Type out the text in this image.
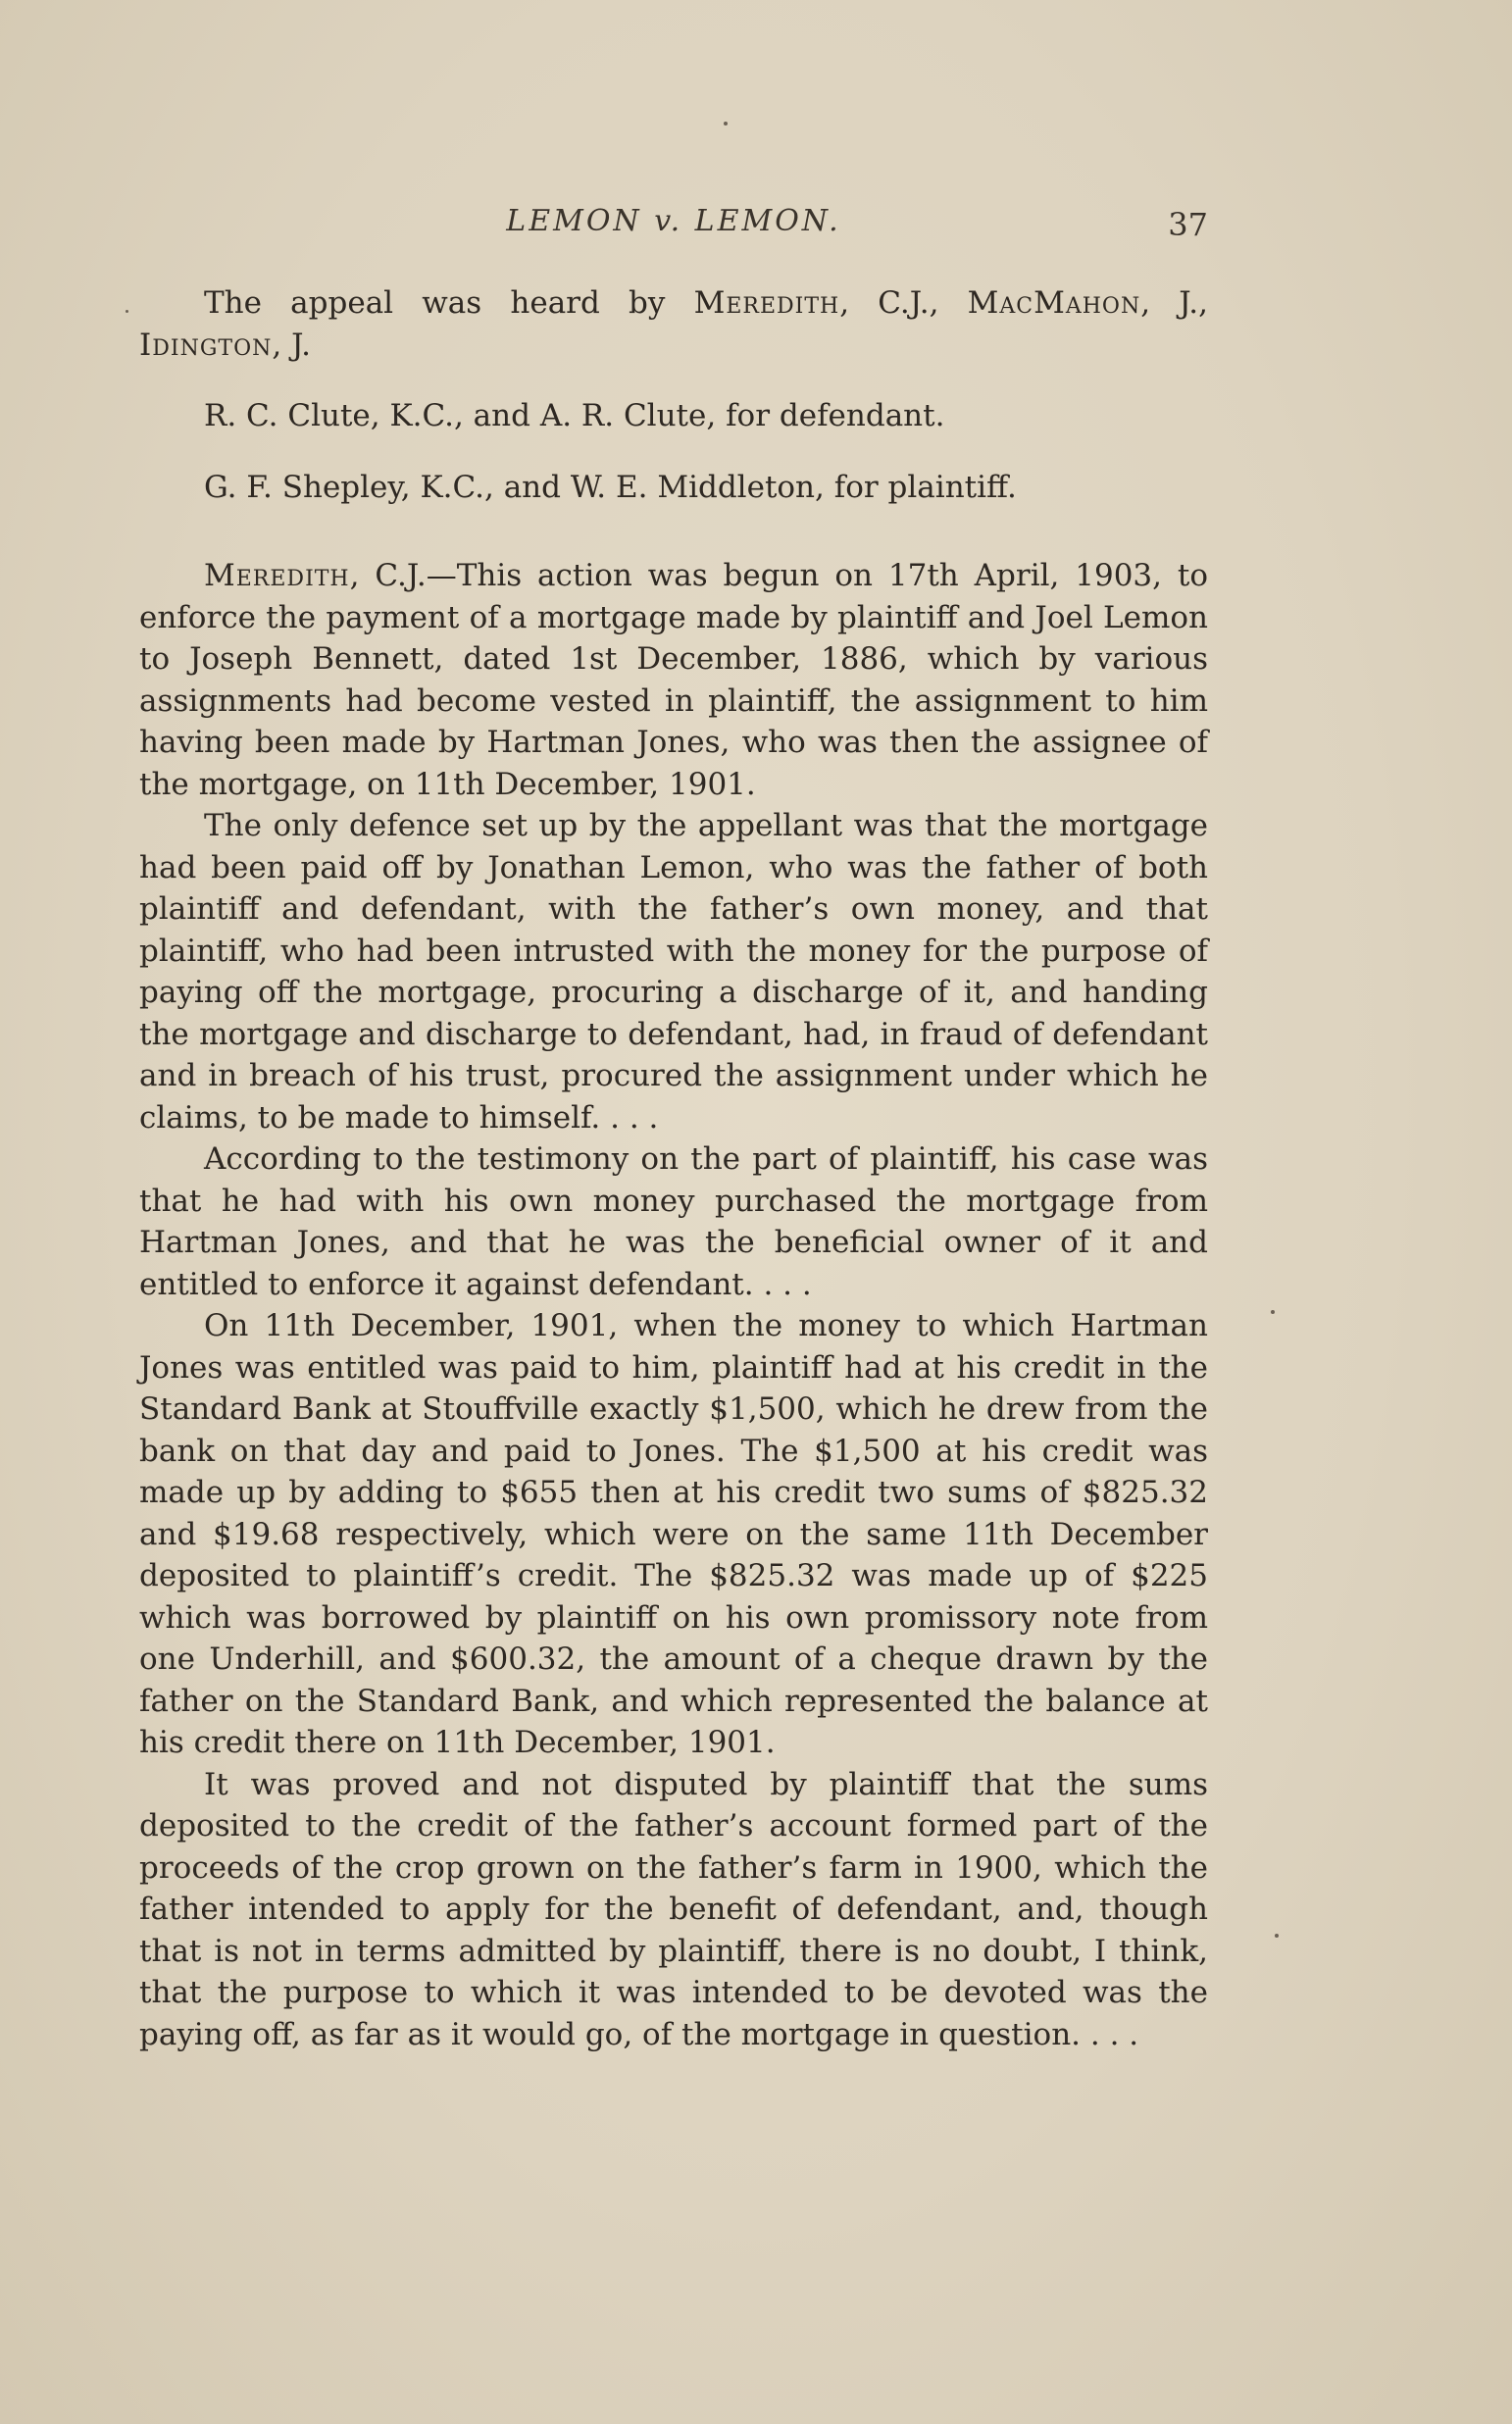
LEMON v. LEMON.	37

The appeal was heard by Meredith, C.J., MacMahon, J., Idington, J.

R. C. Clute, K.C., and A. R. Clute, for defendant.

G. F. Shepley, K.C., and W. E. Middleton, for plaintiff.

Meredith, C.J.—This action was begun on 17th April, 1903, to enforce the payment of a mortgage made by plaintiff and Joel Lemon to Joseph Bennett, dated 1st December, 1886, which by various assignments had become vested in plaintiff, the assignment to him having been made by Hartman Jones, who was then the assignee of the mortgage, on 11th December, 1901.

The only defence set up by the appellant was that the mortgage had been paid off by Jonathan Lemon, who was the father of both plaintiff and defendant, with the father’s own money, and that plaintiff, who had been intrusted with the money for the purpose of paying off the mortgage, procuring a discharge of it, and handing the mortgage and discharge to defendant, had, in fraud of defendant and in breach of his trust, procured the assignment under which he claims, to be made to himself. . . .

According to the testimony on the part of plaintiff, his case was that he had with his own money purchased the mortgage from Hartman Jones, and that he was the beneficial owner of it and entitled to enforce it against defendant. . . .

On 11th December, 1901, when the money to which Hartman Jones was entitled was paid to him, plaintiff had at his credit in the Standard Bank at Stouffville exactly $1,500, which he drew from the bank on that day and paid to Jones. The $1,500 at his credit was made up by adding to $655 then at his credit two sums of $825.32 and $19.68 respectively, which were on the same 11th December deposited to plaintiff’s credit. The $825.32 was made up of $225 which was borrowed by plaintiff on his own promissory note from one Underhill, and $600.32, the amount of a cheque drawn by the father on the Standard Bank, and which represented the balance at his credit there on 11th December, 1901.

It was proved and not disputed by plaintiff that the sums deposited to the credit of the father’s account formed part of the proceeds of the crop grown on the father’s farm in 1900, which the father intended to apply for the benefit of defendant, and, though that is not in terms admitted by plaintiff, there is no doubt, I think, that the purpose to which it was intended to be devoted was the paying off, as far as it would go, of the mortgage in question. . . .
